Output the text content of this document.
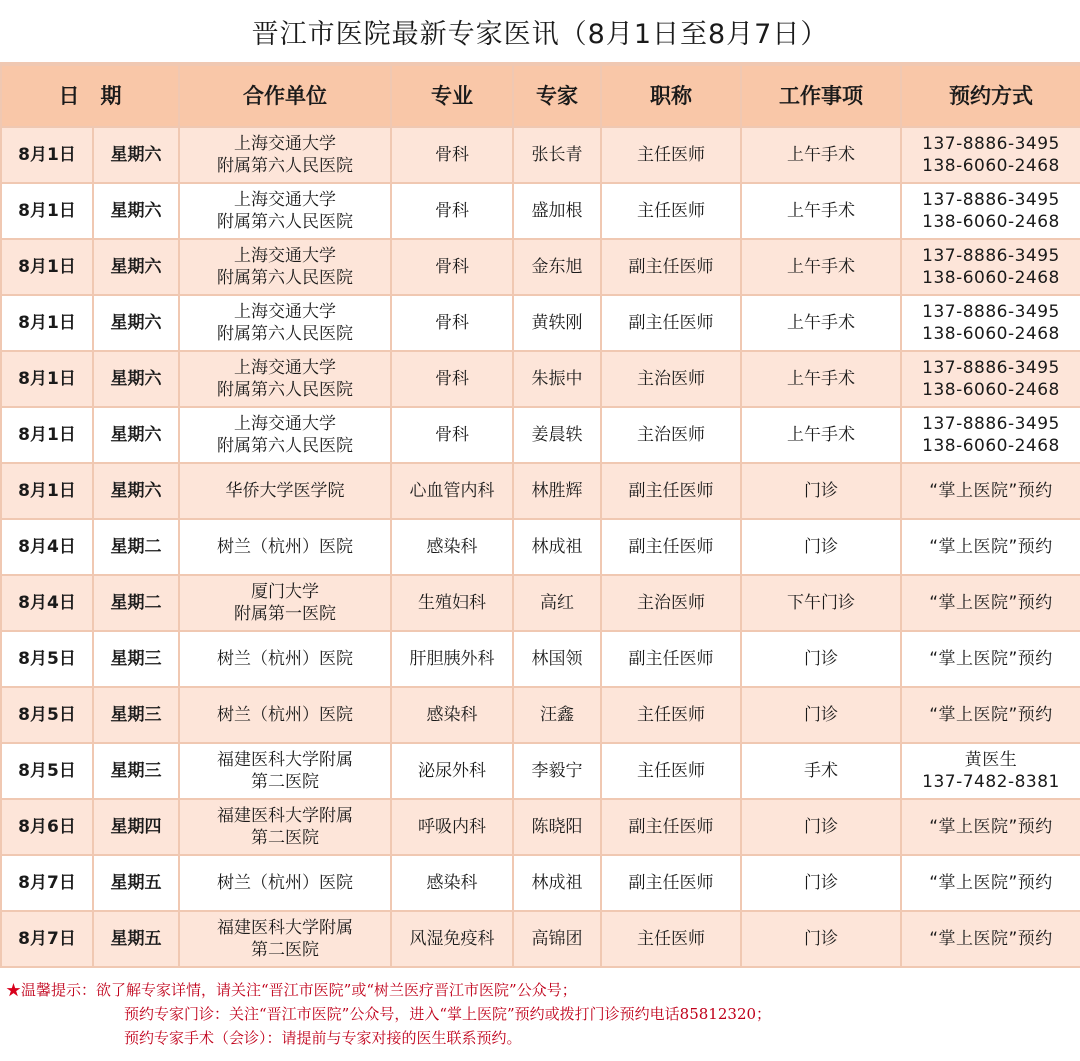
晋江市医院最新专家医讯（8月1日至8月7日）
日　期	合作单位	专业	专家	职称	工作事项	预约方式

8月1日 星期六	上海交通大学
附属第六人民医院	骨科	张长青	主任医师	上午手术	137-8886-3495
138-6060-2468

8月1日 星期六	上海交通大学
附属第六人民医院	骨科	盛加根	主任医师	上午手术	137-8886-3495
138-6060-2468

8月1日 星期六	上海交通大学
附属第六人民医院	骨科	金东旭	副主任医师	上午手术	137-8886-3495
138-6060-2468

8月1日 星期六	上海交通大学
附属第六人民医院	骨科	黄轶刚	副主任医师	上午手术	137-8886-3495
138-6060-2468

8月1日 星期六	上海交通大学
附属第六人民医院	骨科	朱振中	主治医师	上午手术	137-8886-3495
138-6060-2468

8月1日 星期六	上海交通大学
附属第六人民医院	骨科	姜晨轶	主治医师	上午手术	137-8886-3495
138-6060-2468

8月1日 星期六	华侨大学医学院	心血管内科	林胜辉	副主任医师	门诊	“掌上医院”预约

8月4日 星期二	树兰（杭州）医院	感染科	林成祖	副主任医师	门诊	“掌上医院”预约

8月4日 星期二	厦门大学
附属第一医院	生殖妇科	高红	主治医师	下午门诊	“掌上医院”预约

8月5日 星期三	树兰（杭州）医院	肝胆胰外科	林国领	副主任医师	门诊	“掌上医院”预约

8月5日 星期三	树兰（杭州）医院	感染科	汪鑫	主任医师	门诊	“掌上医院”预约

8月5日 星期三	福建医科大学附属
第二医院	泌尿外科	李毅宁	主任医师	手术	黄医生
137-7482-8381

8月6日 星期四	福建医科大学附属
第二医院	呼吸内科	陈晓阳	副主任医师	门诊	“掌上医院”预约

8月7日 星期五	树兰（杭州）医院	感染科	林成祖	副主任医师	门诊	“掌上医院”预约

8月7日 星期五	福建医科大学附属
第二医院	风湿免疫科	高锦团	主任医师	门诊	“掌上医院”预约
★温馨提示：欲了解专家详情，请关注“晋江市医院”或“树兰医疗晋江市医院”公众号；
预约专家门诊：关注“晋江市医院”公众号，进入“掌上医院”预约或拨打门诊预约电话85812320；
预约专家手术（会诊）：请提前与专家对接的医生联系预约。
